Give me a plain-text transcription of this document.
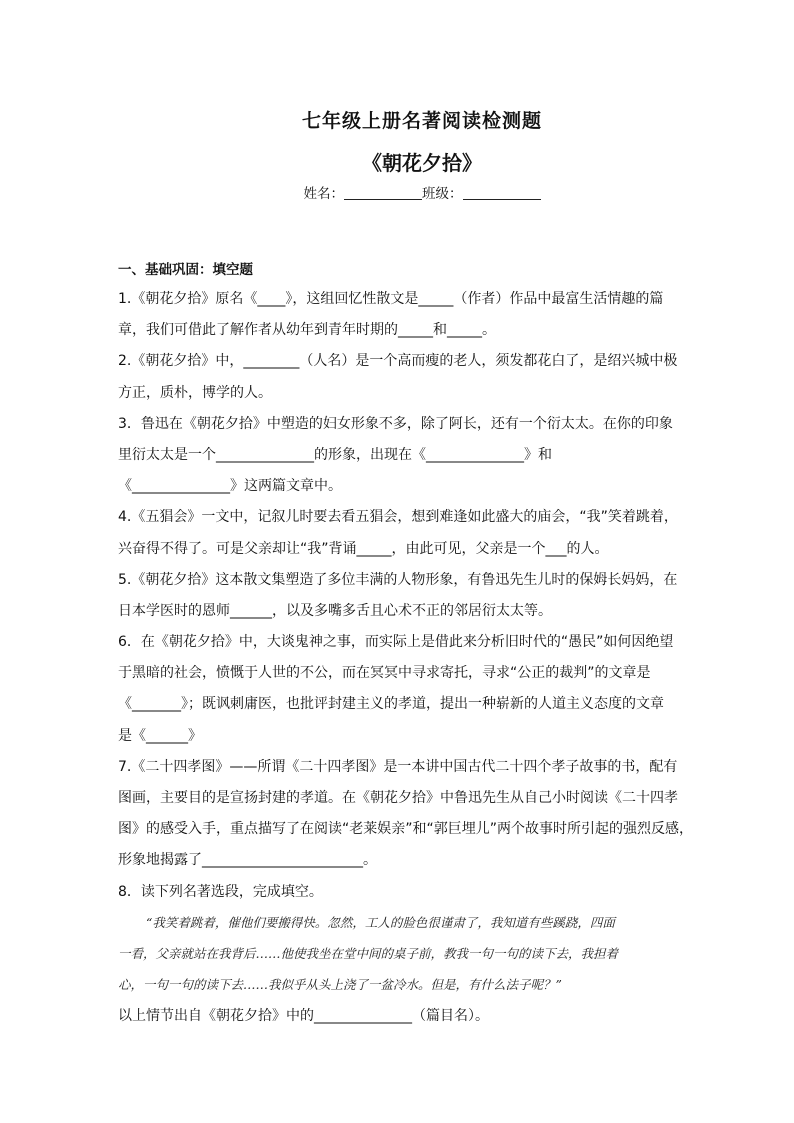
七年级上册名著阅读检测题
《朝花夕拾》
姓名：	班级：
一、基础巩固：填空题
1.《朝花夕拾》原名《____》，这组回忆性散文是_____（作者）作品中最富生活情趣的篇
章，我们可借此了解作者从幼年到青年时期的_____和_____。
2.《朝花夕拾》中，________（人名）是一个高而瘦的老人，须发都花白了，是绍兴城中极
方正，质朴，博学的人。
3．鲁迅在《朝花夕拾》中塑造的妇女形象不多，除了阿长，还有一个衍太太。在你的印象
里衍太太是一个______________的形象，出现在《______________》和
《______________》这两篇文章中。
4.《五猖会》一文中，记叙儿时要去看五猖会，想到难逢如此盛大的庙会，“我”笑着跳着，
兴奋得不得了。可是父亲却让“我”背诵_____，由此可见，父亲是一个___的人。
5.《朝花夕拾》这本散文集塑造了多位丰满的人物形象，有鲁迅先生儿时的保姆长妈妈，在
日本学医时的恩师______，以及多嘴多舌且心术不正的邻居衍太太等。
6．在《朝花夕拾》中，大谈鬼神之事，而实际上是借此来分析旧时代的“愚民”如何因绝望
于黑暗的社会，愤慨于人世的不公，而在冥冥中寻求寄托，寻求“公正的裁判”的文章是
《_______》；既讽刺庸医，也批评封建主义的孝道，提出一种崭新的人道主义态度的文章
是《______》
7.《二十四孝图》——所谓《二十四孝图》是一本讲中国古代二十四个孝子故事的书，配有
图画，主要目的是宣扬封建的孝道。在《朝花夕拾》中鲁迅先生从自己小时阅读《二十四孝
图》的感受入手，重点描写了在阅读“老莱娱亲”和“郭巨埋儿”两个故事时所引起的强烈反感，
形象地揭露了_______________________。
8．读下列名著选段，完成填空。
“我笑着跳着，催他们要搬得快。忽然，工人的脸色很谨肃了，我知道有些蹊跷，四面
一看，父亲就站在我背后……他使我坐在堂中间的桌子前，教我一句一句的读下去，我担着
心，一句一句的读下去……我似乎从头上浇了一盆冷水。但是，有什么法子呢？”
以上情节出自《朝花夕拾》中的______________（篇目名）。
